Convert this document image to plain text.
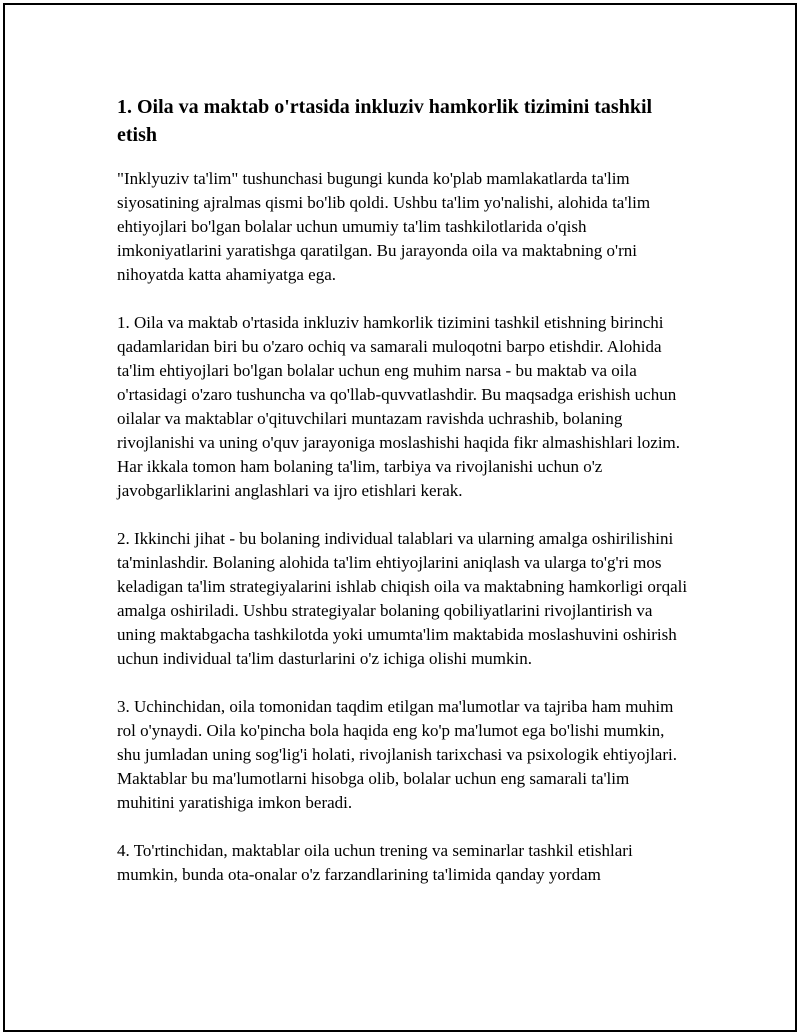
1. Oila va maktab o'rtasida inkluziv hamkorlik tizimini tashkil etish

"Inklyuziv ta'lim" tushunchasi bugungi kunda ko'plab mamlakatlarda ta'lim siyosatining ajralmas qismi bo'lib qoldi. Ushbu ta'lim yo'nalishi, alohida ta'lim ehtiyojlari bo'lgan bolalar uchun umumiy ta'lim tashkilotlarida o'qish imkoniyatlarini yaratishga qaratilgan. Bu jarayonda oila va maktabning o'rni nihoyatda katta ahamiyatga ega.

1. Oila va maktab o'rtasida inkluziv hamkorlik tizimini tashkil etishning birinchi qadamlaridan biri bu o'zaro ochiq va samarali muloqotni barpo etishdir. Alohida ta'lim ehtiyojlari bo'lgan bolalar uchun eng muhim narsa - bu maktab va oila o'rtasidagi o'zaro tushuncha va qo'llab-quvvatlashdir. Bu maqsadga erishish uchun oilalar va maktablar o'qituvchilari muntazam ravishda uchrashib, bolaning rivojlanishi va uning o'quv jarayoniga moslashishi haqida fikr almashishlari lozim. Har ikkala tomon ham bolaning ta'lim, tarbiya va rivojlanishi uchun o'z javobgarliklarini anglashlari va ijro etishlari kerak.

2. Ikkinchi jihat - bu bolaning individual talablari va ularning amalga oshirilishini ta'minlashdir. Bolaning alohida ta'lim ehtiyojlarini aniqlash va ularga to'g'ri mos keladigan ta'lim strategiyalarini ishlab chiqish oila va maktabning hamkorligi orqali amalga oshiriladi. Ushbu strategiyalar bolaning qobiliyatlarini rivojlantirish va uning maktabgacha tashkilotda yoki umumta'lim maktabida moslashuvini oshirish uchun individual ta'lim dasturlarini o'z ichiga olishi mumkin.

3. Uchinchidan, oila tomonidan taqdim etilgan ma'lumotlar va tajriba ham muhim rol o'ynaydi. Oila ko'pincha bola haqida eng ko'p ma'lumot ega bo'lishi mumkin, shu jumladan uning sog'lig'i holati, rivojlanish tarixchasi va psixologik ehtiyojlari. Maktablar bu ma'lumotlarni hisobga olib, bolalar uchun eng samarali ta'lim muhitini yaratishiga imkon beradi.

4. To'rtinchidan, maktablar oila uchun trening va seminarlar tashkil etishlari mumkin, bunda ota-onalar o'z farzandlarining ta'limida qanday yordam
